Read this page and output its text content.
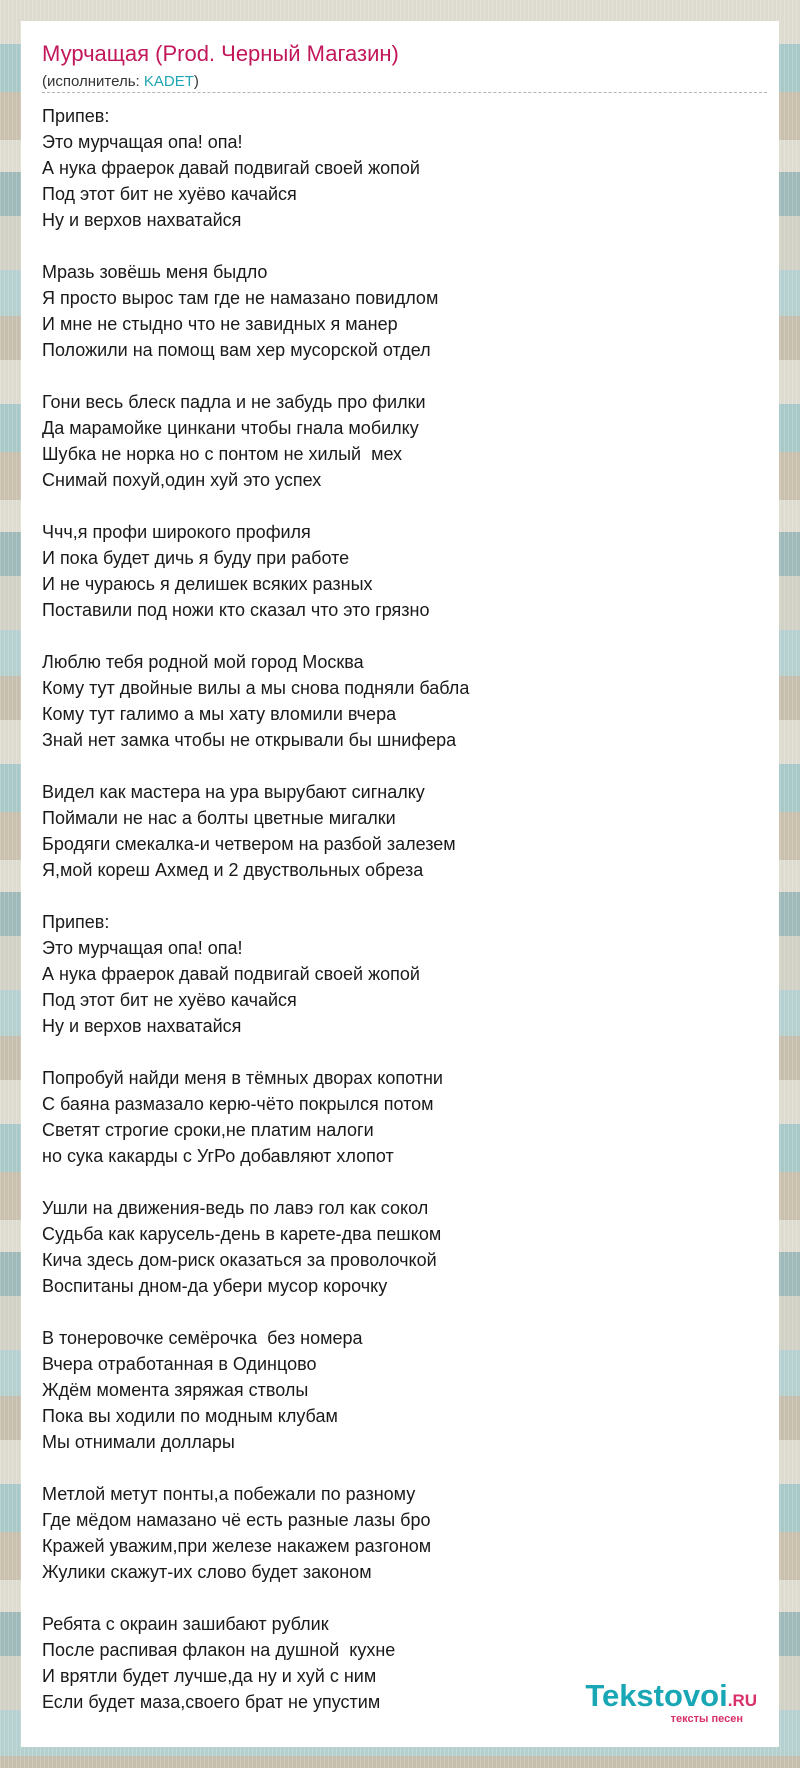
Мурчащая (Prod. Черный Магазин)
(исполнитель: KADET)
Припев:
Это мурчащая опа! опа!
А нука фраерок давай подвигай своей жопой
Под этот бит не хуёво качайся
Ну и верхов нахватайся
Мразь зовёшь меня быдло
Я просто вырос там где не намазано повидлом
И мне не стыдно что не завидных я манер
Положили на помощ вам хер мусорской отдел
Гони весь блеск падла и не забудь про филки
Да марамойке цинкани чтобы гнала мобилку
Шубка не норка но с понтом не хилый  мех
Снимай похуй,один хуй это успех
Ччч,я профи широкого профиля
И пока будет дичь я буду при работе
И не чураюсь я делишек всяких разных
Поставили под ножи кто сказал что это грязно
Люблю тебя родной мой город Москва
Кому тут двойные вилы а мы снова подняли бабла
Кому тут галимо а мы хату вломили вчера
Знай нет замка чтобы не открывали бы шнифера
Видел как мастера на ура вырубают сигналку
Поймали не нас а болты цветные мигалки
Бродяги смекалка-и четвером на разбой залезем
Я,мой кореш Ахмед и 2 двуствольных обреза
Припев:
Это мурчащая опа! опа!
А нука фраерок давай подвигай своей жопой
Под этот бит не хуёво качайся
Ну и верхов нахватайся
Попробуй найди меня в тёмных дворах копотни
С баяна размазало керю-чёто покрылся потом
Светят строгие сроки,не платим налоги
но сука какарды с УгРо добавляют хлопот
Ушли на движения-ведь по лавэ гол как сокол
Судьба как карусель-день в карете-два пешком
Кича здесь дом-риск оказаться за проволочкой
Воспитаны дном-да убери мусор корочку
В тонеровочке семёрочка  без номера
Вчера отработанная в Одинцово
Ждём момента зяряжая стволы
Пока вы ходили по модным клубам
Мы отнимали доллары
Метлой метут понты,а побежали по разному
Где мёдом намазано чё есть разные лазы бро
Кражей уважим,при железе накажем разгоном
Жулики скажут-их слово будет законом
Ребята с окраин зашибают рублик
После распивая флакон на душной  кухне
И врятли будет лучше,да ну и хуй с ним
Если будет маза,своего брат не упустим	Tekstovoi.RU
тексты песен
